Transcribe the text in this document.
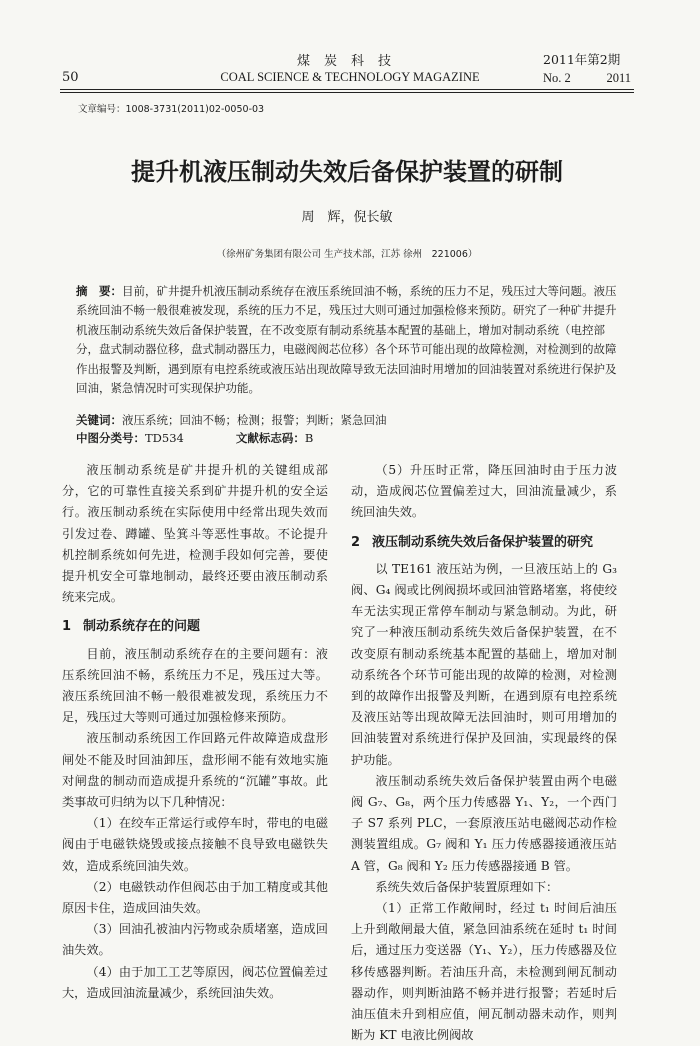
煤炭科技
50	COAL SCIENCE & TECHNOLOGY MAGAZINE
2011年第2期
No. 2	2011
文章编号：1008-3731(2011)02-0050-03
提升机液压制动失效后备保护装置的研制
周　辉，倪长敏
（徐州矿务集团有限公司 生产技术部，江苏 徐州　221006）
摘　要：目前，矿井提升机液压制动系统存在液压系统回油不畅，系统的压力不足，残压过大等问题。液压系统回油不畅一般很难被发现，系统的压力不足，残压过大则可通过加强检修来预防。研究了一种矿井提升机液压制动系统失效后备保护装置，在不改变原有制动系统基本配置的基础上，增加对制动系统（电控部分，盘式制动器位移，盘式制动器压力，电磁阀阀芯位移）各个环节可能出现的故障检测，对检测到的故障作出报警及判断，遇到原有电控系统或液压站出现故障导致无法回油时用增加的回油装置对系统进行保护及回油，紧急情况时可实现保护功能。
关键词：液压系统；回油不畅；检测；报警；判断；紧急回油
中图分类号：TD534	文献标志码：B

液压制动系统是矿井提升机的关键组成部分，它的可靠性直接关系到矿井提升机的安全运行。液压制动系统在实际使用中经常出现失效而引发过卷、蹲罐、坠箕斗等恶性事故。不论提升机控制系统如何先进，检测手段如何完善，要使提升机安全可靠地制动，最终还要由液压制动系统来完成。

1 制动系统存在的问题

目前，液压制动系统存在的主要问题有：液压系统回油不畅，系统压力不足，残压过大等。液压系统回油不畅一般很难被发现，系统压力不足，残压过大等则可通过加强检修来预防。

液压制动系统因工作回路元件故障造成盘形闸处不能及时回油卸压，盘形闸不能有效地实施对闸盘的制动而造成提升系统的“沉罐”事故。此类事故可归纳为以下几种情况：

（1）在绞车正常运行或停车时，带电的电磁阀由于电磁铁烧毁或接点接触不良导致电磁铁失效，造成系统回油失效。

（2）电磁铁动作但阀芯由于加工精度或其他原因卡住，造成回油失效。

（3）回油孔被油内污物或杂质堵塞，造成回油失效。

（4）由于加工工艺等原因，阀芯位置偏差过大，造成回油流量减少，系统回油失效。

（5）升压时正常，降压回油时由于压力波动，造成阀芯位置偏差过大，回油流量减少，系统回油失效。

2 液压制动系统失效后备保护装置的研究

以 TE161 液压站为例，一旦液压站上的 G₃ 阀、G₄ 阀或比例阀损坏或回油管路堵塞，将使绞车无法实现正常停车制动与紧急制动。为此，研究了一种液压制动系统失效后备保护装置，在不改变原有制动系统基本配置的基础上，增加对制动系统各个环节可能出现的故障的检测，对检测到的故障作出报警及判断，在遇到原有电控系统及液压站等出现故障无法回油时，则可用增加的回油装置对系统进行保护及回油，实现最终的保护功能。

液压制动系统失效后备保护装置由两个电磁阀 G₇、G₈，两个压力传感器 Y₁、Y₂，一个西门子 S7 系列 PLC，一套原液压站电磁阀芯动作检测装置组成。G₇ 阀和 Y₁ 压力传感器接通液压站 A 管，G₈ 阀和 Y₂ 压力传感器接通 B 管。

系统失效后备保护装置原理如下：

（1）正常工作敞闸时，经过 t₁ 时间后油压上升到敞闸最大值，紧急回油系统在延时 t₁ 时间后，通过压力变送器（Y₁、Y₂），压力传感器及位移传感器判断。若油压升高，未检测到闸瓦制动器动作，则判断油路不畅并进行报警；若延时后油压值未升到相应值，闸瓦制动器未动作，则判断为 KT 电液比例阀故
